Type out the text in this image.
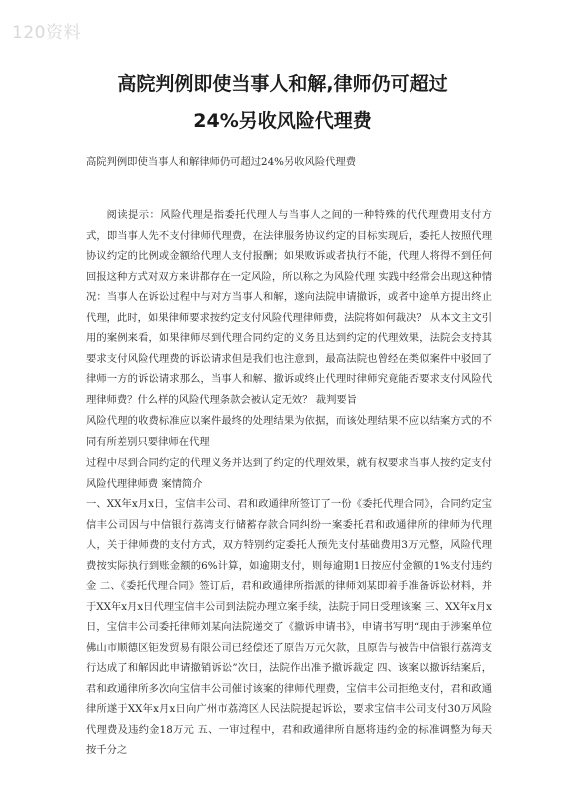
120资料
高院判例即使当事人和解,律师仍可超过
24%另收风险代理费
高院判例即使当事人和解律师仍可超过24%另收风险代理费
阅读提示：风险代理是指委托代理人与当事人之间的一种特殊的代代理费用支付方式，即当事人先不支付律师代理费，在法律服务协议约定的目标实现后，委托人按照代理协议约定的比例或金额给代理人支付报酬；如果败诉或者执行不能，代理人将得不到任何回报这种方式对双方来讲都存在一定风险，所以称之为风险代理 实践中经常会出现这种情况：当事人在诉讼过程中与对方当事人和解，遂向法院申请撤诉，或者中途单方提出终止代理，此时，如果律师要求按约定支付风险代理律师费，法院将如何裁决？ 从本文主文引用的案例来看，如果律师尽到代理合同约定的义务且达到约定的代理效果，法院会支持其要求支付风险代理费的诉讼请求但是我们也注意到，最高法院也曾经在类似案件中驳回了律师一方的诉讼请求那么，当事人和解、撤诉或终止代理时律师究竟能否要求支付风险代理律师费？什么样的风险代理条款会被认定无效？ 裁判要旨
风险代理的收费标准应以案件最终的处理结果为依据，而该处理结果不应以结案方式的不同有所差别只要律师在代理
过程中尽到合同约定的代理义务并达到了约定的代理效果，就有权要求当事人按约定支付风险代理律师费 案情简介
一、XX年x月x日，宝信丰公司、君和政通律所签订了一份《委托代理合同》，合同约定宝信丰公司因与中信银行荔湾支行储蓄存款合同纠纷一案委托君和政通律所的律师为代理人，关于律师费的支付方式，双方特别约定委托人预先支付基础费用3万元整，风险代理费按实际执行到账金额的6%计算，如逾期支付，则每逾期1日按应付金额的1%支付违约金 二、《委托代理合同》签订后，君和政通律所指派的律师刘某即着手准备诉讼材料，并于XX年x月x日代理宝信丰公司到法院办理立案手续，法院于同日受理该案 三、XX年x月x日，宝信丰公司委托律师刘某向法院递交了《撤诉申请书》，申请书写明“现由于涉案单位佛山市顺德区钜发贸易有限公司已经偿还了原告万元欠款，且原告与被告中信银行荔湾支行达成了和解因此申请撤销诉讼”次日，法院作出准予撤诉裁定 四、该案以撤诉结案后，君和政通律所多次向宝信丰公司催讨该案的律师代理费，宝信丰公司拒绝支付，君和政通律所遂于XX年x月x日向广州市荔湾区人民法院提起诉讼，要求宝信丰公司支付30万风险代理费及违约金18万元 五、一审过程中，君和政通律所自愿将违约金的标准调整为每天按千分之
